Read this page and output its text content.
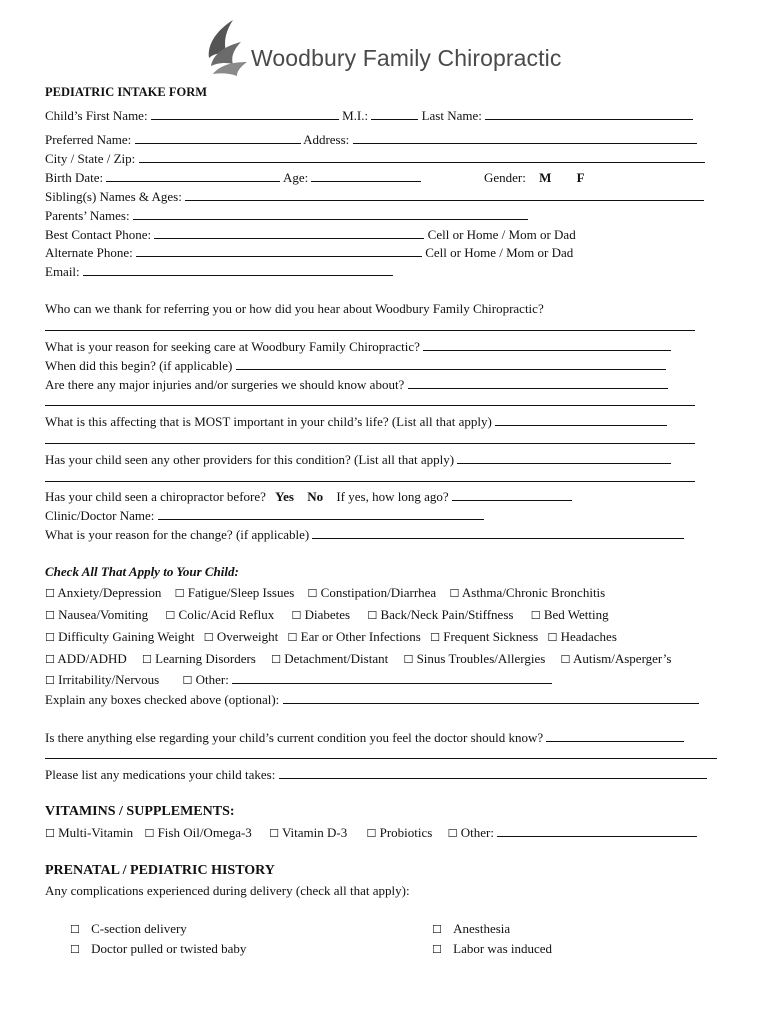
Woodbury Family Chiropractic
PEDIATRIC INTAKE FORM
Child’s First Name:	M.I.:	Last Name:
Preferred Name:	Address:
City / State / Zip:
Birth Date:	Age:	Gender: M F
Sibling(s) Names & Ages:
Parents’ Names:
Best Contact Phone:	Cell or Home / Mom or Dad
Alternate Phone:	Cell or Home / Mom or Dad
Email:
Who can we thank for referring you or how did you hear about Woodbury Family Chiropractic?
What is your reason for seeking care at Woodbury Family Chiropractic?
When did this begin? (if applicable)
Are there any major injuries and/or surgeries we should know about?
What is this affecting that is MOST important in your child’s life? (List all that apply)
Has your child seen any other providers for this condition? (List all that apply)
Has your child seen a chiropractor before? Yes No If yes, how long ago?
Clinic/Doctor Name:
What is your reason for the change? (if applicable)
Check All That Apply to Your Child:
☐ Anxiety/Depression ☐ Fatigue/Sleep Issues ☐ Constipation/Diarrhea ☐ Asthma/Chronic Bronchitis
☐ Nausea/Vomiting ☐ Colic/Acid Reflux ☐ Diabetes ☐ Back/Neck Pain/Stiffness ☐ Bed Wetting
☐ Difficulty Gaining Weight ☐ Overweight ☐ Ear or Other Infections ☐ Frequent Sickness ☐ Headaches
☐ ADD/ADHD ☐ Learning Disorders ☐ Detachment/Distant ☐ Sinus Troubles/Allergies ☐ Autism/Asperger’s
☐ Irritability/Nervous ☐ Other:
Explain any boxes checked above (optional):
Is there anything else regarding your child’s current condition you feel the doctor should know?
Please list any medications your child takes:
VITAMINS / SUPPLEMENTS:
☐ Multi-Vitamin ☐ Fish Oil/Omega-3 ☐ Vitamin D-3 ☐ Probiotics ☐ Other:
PRENATAL / PEDIATRIC HISTORY
Any complications experienced during delivery (check all that apply):
☐ C-section delivery	☐ Anesthesia
☐ Doctor pulled or twisted baby	☐ Labor was induced
